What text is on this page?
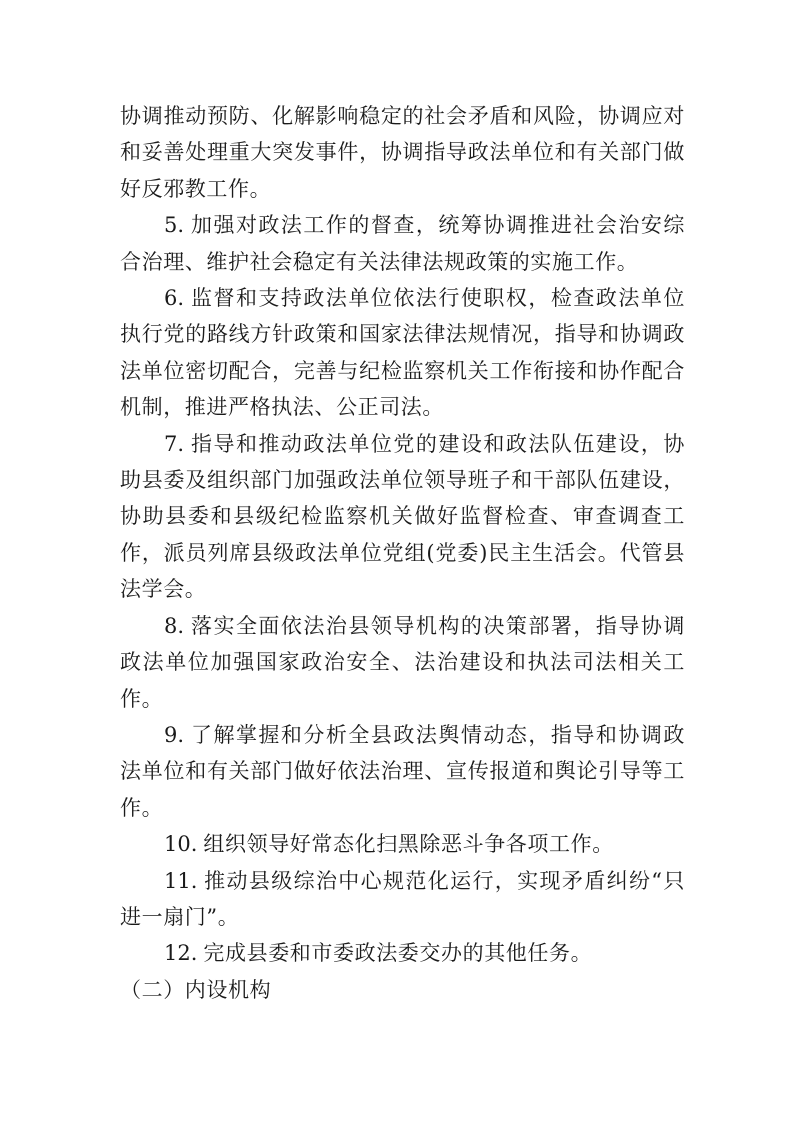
协调推动预防、化解影响稳定的社会矛盾和风险，协调应对和妥善处理重大突发事件，协调指导政法单位和有关部门做好反邪教工作。

5. 加强对政法工作的督查，统筹协调推进社会治安综合治理、维护社会稳定有关法律法规政策的实施工作。

6. 监督和支持政法单位依法行使职权，检查政法单位执行党的路线方针政策和国家法律法规情况，指导和协调政法单位密切配合，完善与纪检监察机关工作衔接和协作配合机制，推进严格执法、公正司法。

7. 指导和推动政法单位党的建设和政法队伍建设，协助县委及组织部门加强政法单位领导班子和干部队伍建设，协助县委和县级纪检监察机关做好监督检查、审查调查工作，派员列席县级政法单位党组(党委)民主生活会。代管县法学会。

8. 落实全面依法治县领导机构的决策部署，指导协调政法单位加强国家政治安全、法治建设和执法司法相关工作。

9. 了解掌握和分析全县政法舆情动态，指导和协调政法单位和有关部门做好依法治理、宣传报道和舆论引导等工作。

10. 组织领导好常态化扫黑除恶斗争各项工作。

11. 推动县级综治中心规范化运行，实现矛盾纠纷“只进一扇门”。

12. 完成县委和市委政法委交办的其他任务。

（二）内设机构
